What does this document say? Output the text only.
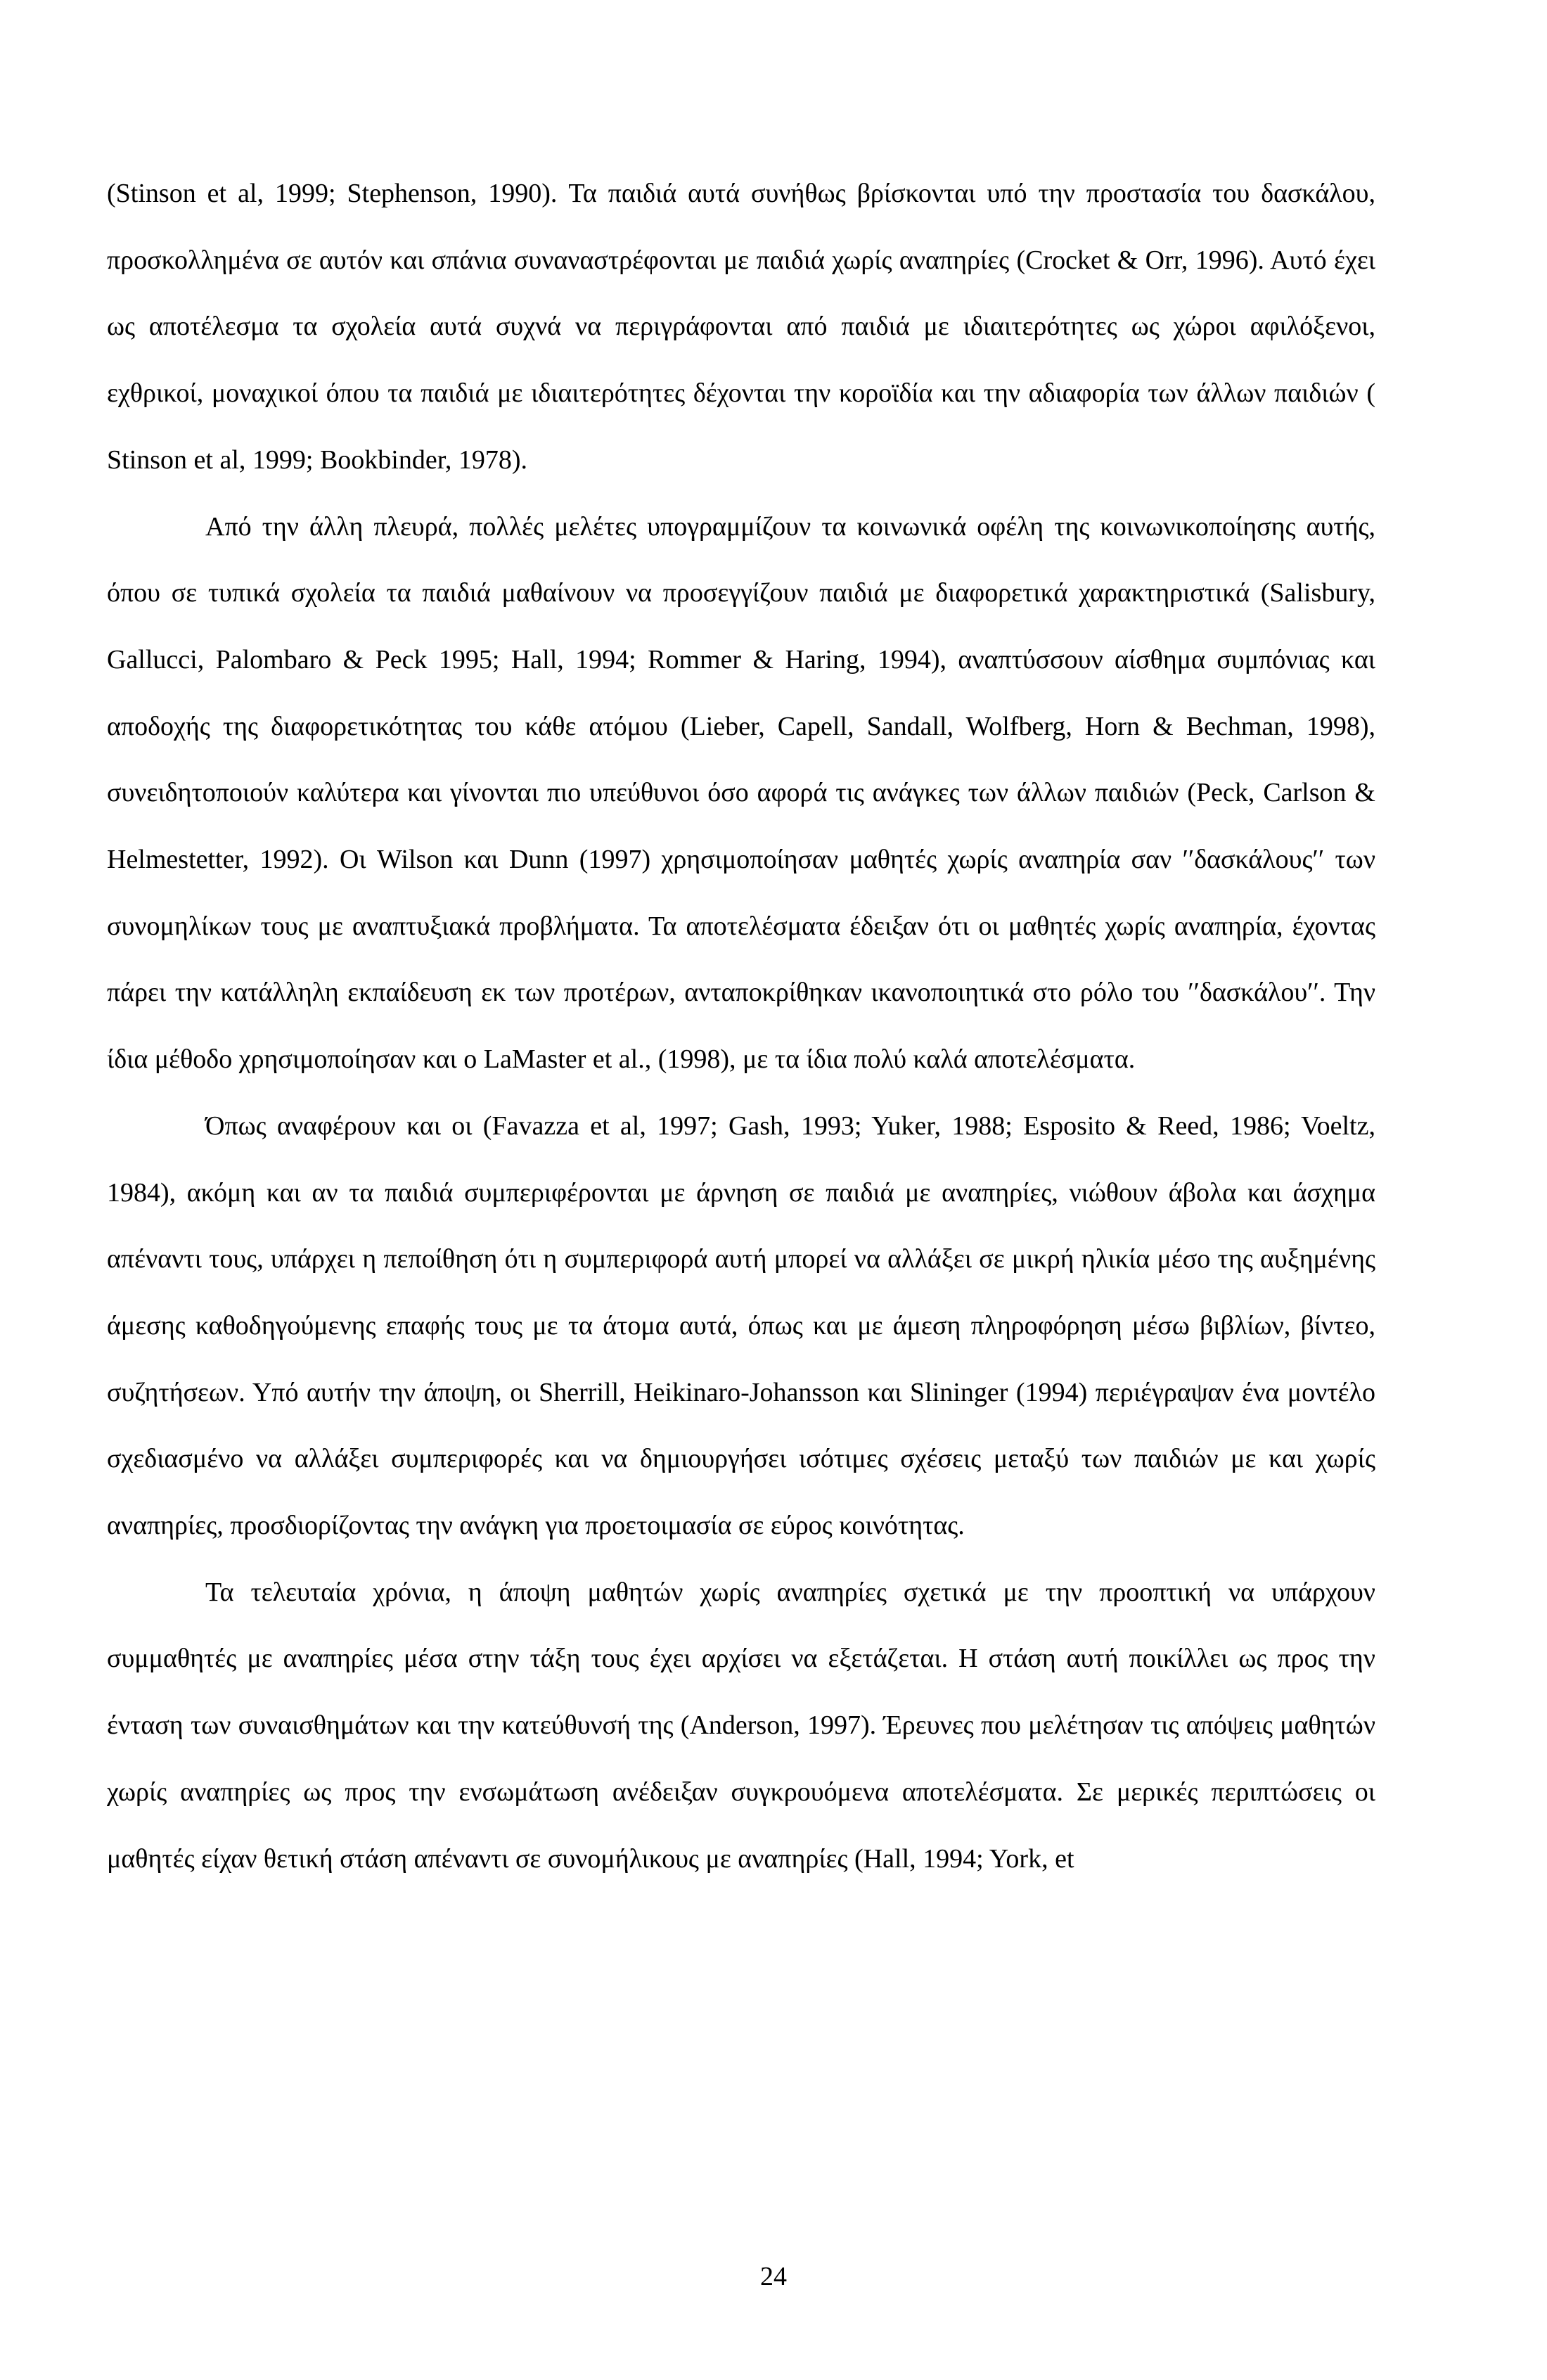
(Stinson et al, 1999; Stephenson, 1990). Τα παιδιά αυτά συνήθως βρίσκονται υπό την προστασία του δασκάλου, προσκολλημένα σε αυτόν και σπάνια συναναστρέφονται με παιδιά χωρίς αναπηρίες (Crocket & Orr, 1996). Αυτό έχει ως αποτέλεσμα τα σχολεία αυτά συχνά να περιγράφονται από παιδιά με ιδιαιτερότητες ως χώροι αφιλόξενοι, εχθρικοί, μοναχικοί όπου τα παιδιά με ιδιαιτερότητες δέχονται την κοροϊδία και την αδιαφορία των άλλων παιδιών ( Stinson et al, 1999; Bookbinder, 1978).

Από την άλλη πλευρά, πολλές μελέτες υπογραμμίζουν τα κοινωνικά οφέλη της κοινωνικοποίησης αυτής, όπου σε τυπικά σχολεία τα παιδιά μαθαίνουν να προσεγγίζουν παιδιά με διαφορετικά χαρακτηριστικά (Salisbury, Gallucci, Palombaro & Peck 1995; Hall, 1994; Rommer & Haring, 1994), αναπτύσσουν αίσθημα συμπόνιας και αποδοχής της διαφορετικότητας του κάθε ατόμου (Lieber, Capell, Sandall, Wolfberg, Horn & Bechman, 1998), συνειδητοποιούν καλύτερα και γίνονται πιο υπεύθυνοι όσο αφορά τις ανάγκες των άλλων παιδιών (Peck, Carlson & Helmestetter, 1992). Οι Wilson και Dunn (1997) χρησιμοποίησαν μαθητές χωρίς αναπηρία σαν ′′δασκάλους′′ των συνομηλίκων τους με αναπτυξιακά προβλήματα. Τα αποτελέσματα έδειξαν ότι οι μαθητές χωρίς αναπηρία, έχοντας πάρει την κατάλληλη εκπαίδευση εκ των προτέρων, ανταποκρίθηκαν ικανοποιητικά στο ρόλο του ′′δασκάλου′′. Την ίδια μέθοδο χρησιμοποίησαν και ο LaMaster et al., (1998), με τα ίδια πολύ καλά αποτελέσματα.

Όπως αναφέρουν και οι (Favazza et al, 1997; Gash, 1993; Yuker, 1988; Esposito & Reed, 1986; Voeltz, 1984), ακόμη και αν τα παιδιά συμπεριφέρονται με άρνηση σε παιδιά με αναπηρίες, νιώθουν άβολα και άσχημα απέναντι τους, υπάρχει η πεποίθηση ότι η συμπεριφορά αυτή μπορεί να αλλάξει σε μικρή ηλικία μέσο της αυξημένης άμεσης καθοδηγούμενης επαφής τους με τα άτομα αυτά, όπως και με άμεση πληροφόρηση μέσω βιβλίων, βίντεο, συζητήσεων. Υπό αυτήν την άποψη, οι Sherrill, Heikinaro-Johansson και Slininger (1994) περιέγραψαν ένα μοντέλο σχεδιασμένο να αλλάξει συμπεριφορές και να δημιουργήσει ισότιμες σχέσεις μεταξύ των παιδιών με και χωρίς αναπηρίες, προσδιορίζοντας την ανάγκη για προετοιμασία σε εύρος κοινότητας.

Τα τελευταία χρόνια, η άποψη μαθητών χωρίς αναπηρίες σχετικά με την προοπτική να υπάρχουν συμμαθητές με αναπηρίες μέσα στην τάξη τους έχει αρχίσει να εξετάζεται. Η στάση αυτή ποικίλλει ως προς την ένταση των συναισθημάτων και την κατεύθυνσή της (Anderson, 1997). Έρευνες που μελέτησαν τις απόψεις μαθητών χωρίς αναπηρίες ως προς την ενσωμάτωση ανέδειξαν συγκρουόμενα αποτελέσματα. Σε μερικές περιπτώσεις οι μαθητές είχαν θετική στάση απέναντι σε συνομήλικους με αναπηρίες (Hall, 1994; York, et

24
